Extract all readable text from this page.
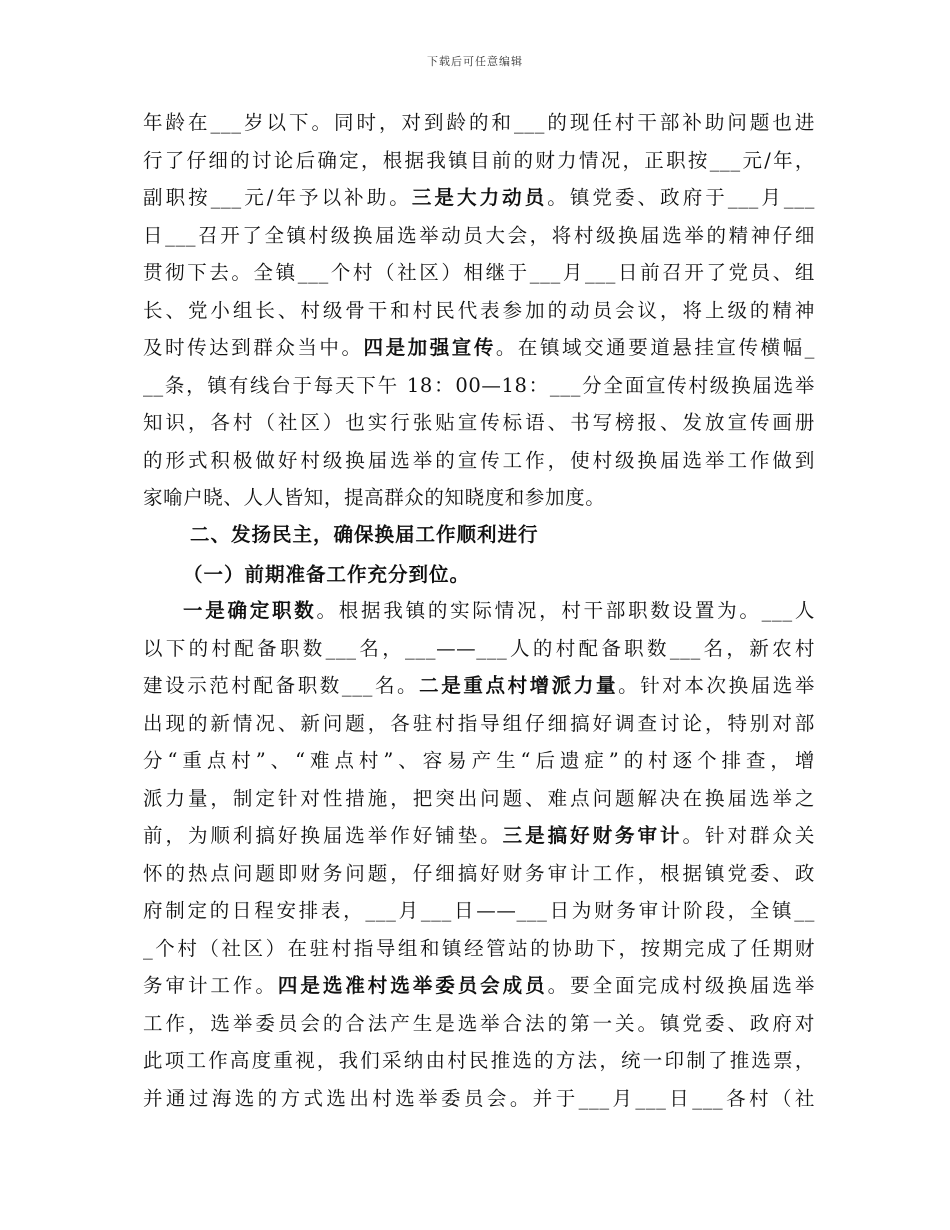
下载后可任意编辑
年龄在___岁以下。同时，对到龄的和___的现任村干部补助问题也进
行了仔细的讨论后确定，根据我镇目前的财力情况，正职按___元/年，
副职按___元/年予以补助。三是大力动员。镇党委、政府于___月___
日___召开了全镇村级换届选举动员大会，将村级换届选举的精神仔细
贯彻下去。全镇___个村（社区）相继于___月___日前召开了党员、组
长、党小组长、村级骨干和村民代表参加的动员会议，将上级的精神
及时传达到群众当中。四是加强宣传。在镇域交通要道悬挂宣传横幅_
__条，镇有线台于每天下午 18：00—18：___分全面宣传村级换届选举
知识，各村（社区）也实行张贴宣传标语、书写榜报、发放宣传画册
的形式积极做好村级换届选举的宣传工作，使村级换届选举工作做到
家喻户晓、人人皆知，提高群众的知晓度和参加度。
二、发扬民主，确保换届工作顺利进行
（一）前期准备工作充分到位。
一是确定职数。根据我镇的实际情况，村干部职数设置为。___人
以下的村配备职数___名，___——___人的村配备职数___名，新农村
建设示范村配备职数___名。二是重点村增派力量。针对本次换届选举
出现的新情况、新问题，各驻村指导组仔细搞好调查讨论，特别对部
分“重点村”、“难点村”、容易产生“后遗症”的村逐个排查，增
派力量，制定针对性措施，把突出问题、难点问题解决在换届选举之
前，为顺利搞好换届选举作好铺垫。三是搞好财务审计。针对群众关
怀的热点问题即财务问题，仔细搞好财务审计工作，根据镇党委、政
府制定的日程安排表，___月___日——___日为财务审计阶段，全镇__
_个村（社区）在驻村指导组和镇经管站的协助下，按期完成了任期财
务审计工作。四是选准村选举委员会成员。要全面完成村级换届选举
工作，选举委员会的合法产生是选举合法的第一关。镇党委、政府对
此项工作高度重视，我们采纳由村民推选的方法，统一印制了推选票，
并通过海选的方式选出村选举委员会。并于___月___日___各村（社
